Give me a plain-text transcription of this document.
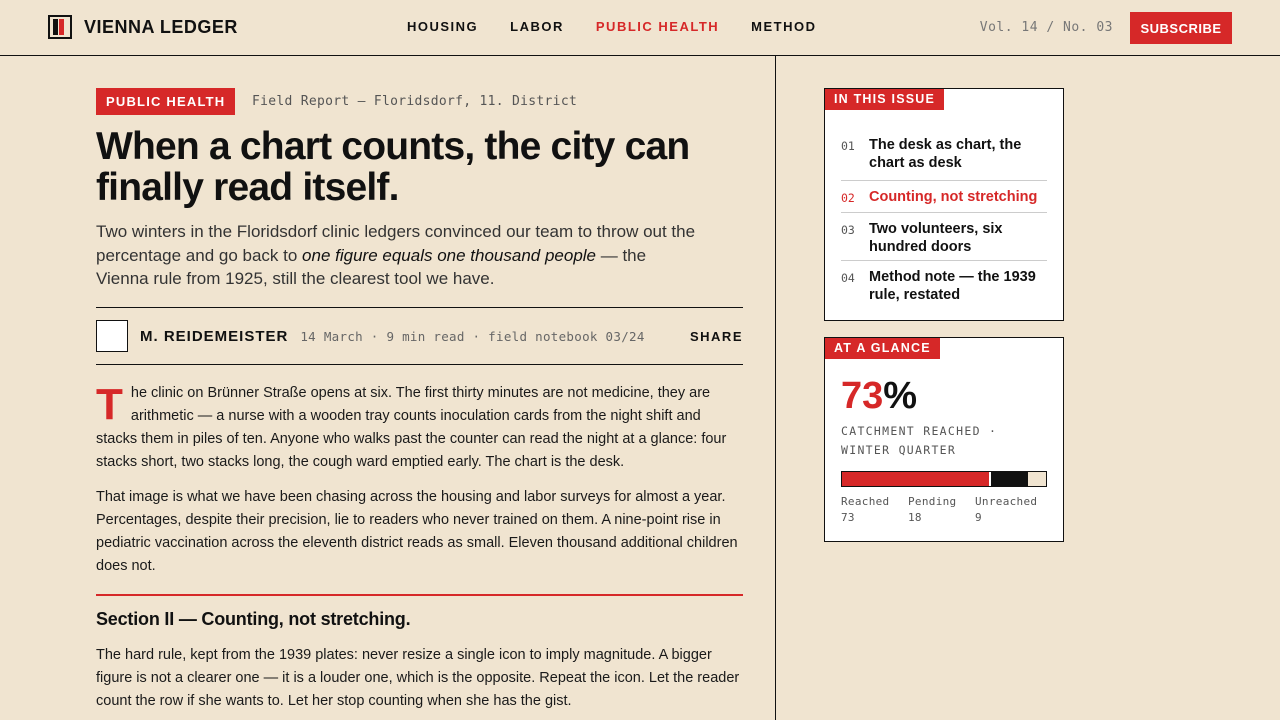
VIENNA LEDGER	HOUSING LABOR PUBLIC HEALTH METHOD	Vol. 14 / No. 03	SUBSCRIBE
PUBLIC HEALTH	Field Report — Floridsdorf, 11. District
When a chart counts, the city can finally read itself.

Two winters in the Floridsdorf clinic ledgers convinced our team to throw out the percentage and go back to one figure equals one thousand people — the Vienna rule from 1925, still the clearest tool we have.

M. REIDEMEISTER 14 March · 9 min read · field notebook 03/24	SHARE

The clinic on Brünner Straße opens at six. The first thirty minutes are not medicine, they are arithmetic — a nurse with a wooden tray counts inoculation cards from the night shift and stacks them in piles of ten. Anyone who walks past the counter can read the night at a glance: four stacks short, two stacks long, the cough ward emptied early. The chart is the desk.

That image is what we have been chasing across the housing and labor surveys for almost a year. Percentages, despite their precision, lie to readers who never trained on them. A nine-point rise in pediatric vaccination across the eleventh district reads as small. Eleven thousand additional children does not.

Section II — Counting, not stretching.

The hard rule, kept from the 1939 plates: never resize a single icon to imply magnitude. A bigger figure is not a clearer one — it is a louder one, which is the opposite. Repeat the icon. Let the reader count the row if she wants to. Let her stop counting when she has the gist.

IN THIS ISSUE
01 The desk as chart, the chart as desk
02 Counting, not stretching
03 Two volunteers, six hundred doors
04 Method note — the 1939 rule, restated
AT A GLANCE
73%
CATCHMENT REACHED · WINTER QUARTER
Reached
73
Pending
18
Unreached
9
